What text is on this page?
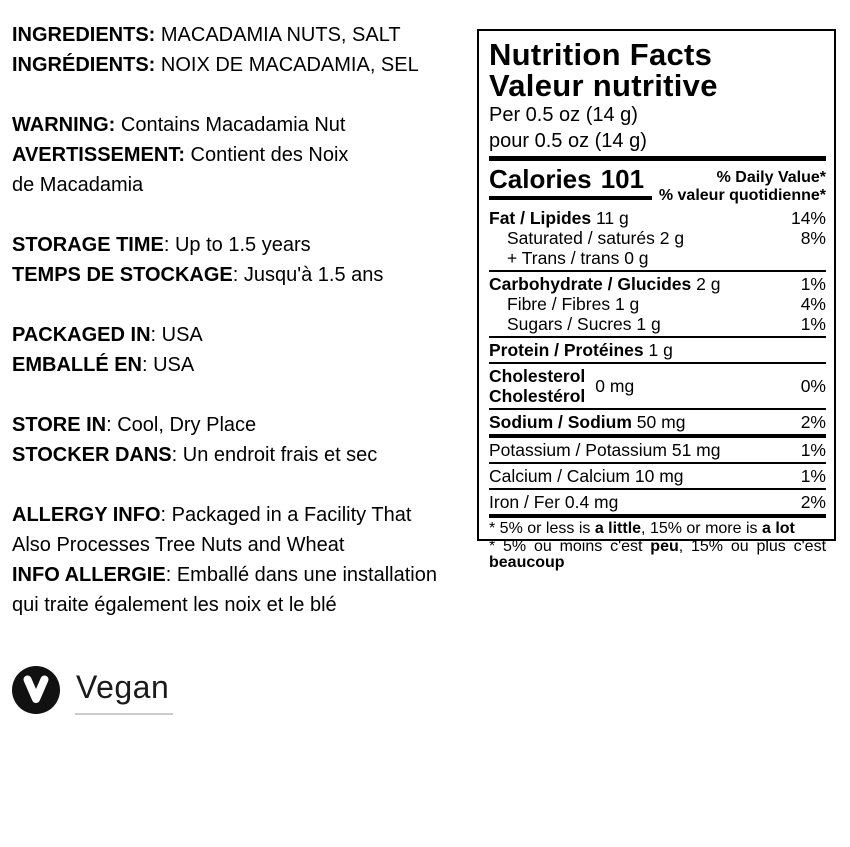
INGREDIENTS: MACADAMIA NUTS, SALT
INGRÉDIENTS: NOIX DE MACADAMIA, SEL
WARNING: Contains Macadamia Nut
AVERTISSEMENT: Contient des Noix
de Macadamia
STORAGE TIME: Up to 1.5 years
TEMPS DE STOCKAGE: Jusqu'à 1.5 ans
PACKAGED IN: USA
EMBALLÉ EN: USA
STORE IN: Cool, Dry Place
STOCKER DANS: Un endroit frais et sec
ALLERGY INFO: Packaged in a Facility That
Also Processes Tree Nuts and Wheat
INFO ALLERGIE: Emballé dans une installation
qui traite également les noix et le blé
Nutrition Facts
Valeur nutritive
Per 0.5 oz (14 g)
pour 0.5 oz (14 g)
Calories 101	% Daily Value*
% valeur quotidienne*
Fat / Lipides 11 g	14%
Saturated / saturés 2 g	8%
+ Trans / trans 0 g
Carbohydrate / Glucides 2 g	1%
Fibre / Fibres 1 g	4%
Sugars / Sucres 1 g	1%
Protein / Protéines 1 g
Cholesterol
Cholestérol 0 mg	0%
Sodium / Sodium 50 mg	2%
Potassium / Potassium 51 mg	1%
Calcium / Calcium 10 mg	1%
Iron / Fer 0.4 mg	2%
* 5% or less is a little, 15% or more is a lot
* 5% ou moins c'est peu, 15% ou plus c'est beaucoup
Vegan
